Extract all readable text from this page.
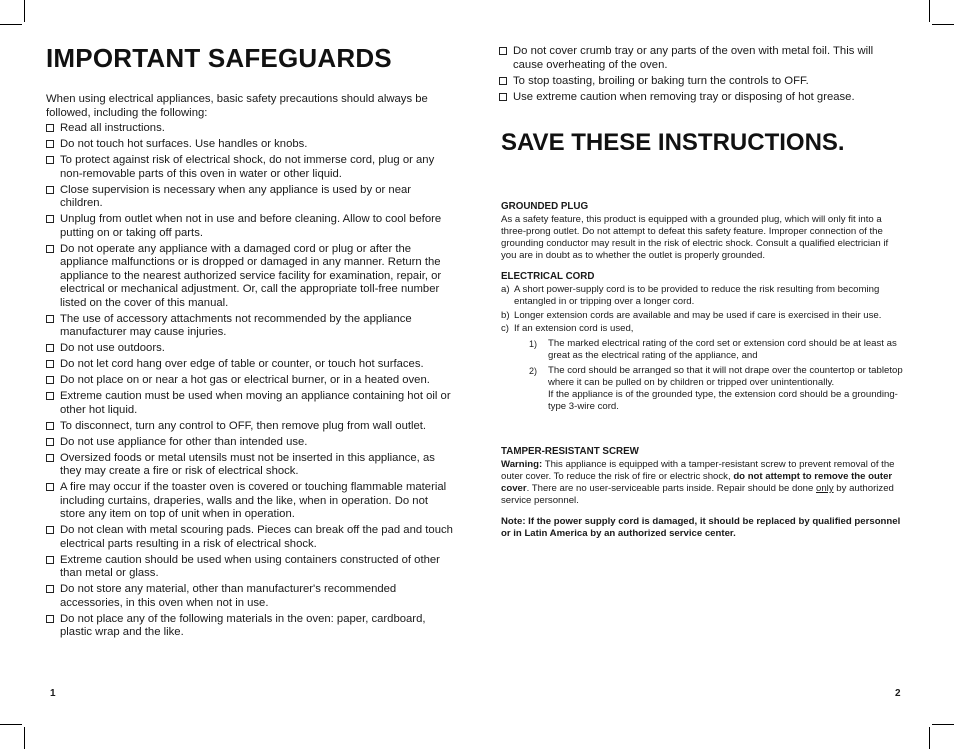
IMPORTANT SAFEGUARDS

When using electrical appliances, basic safety precautions should always be followed, including the following:

Read all instructions.
Do not touch hot surfaces. Use handles or knobs.
To protect against risk of electrical shock, do not immerse cord, plug or any non-removable parts of this oven in water or other liquid.
Close supervision is necessary when any appliance is used by or near children.
Unplug from outlet when not in use and before cleaning. Allow to cool before putting on or taking off parts.
Do not operate any appliance with a damaged cord or plug or after the appliance malfunctions or is dropped or damaged in any manner. Return the appliance to the nearest authorized service facility for examination, repair, or electrical or mechanical adjustment. Or, call the appropriate toll-free number listed on the cover of this manual.
The use of accessory attachments not recommended by the appliance manufacturer may cause injuries.
Do not use outdoors.
Do not let cord hang over edge of table or counter, or touch hot surfaces.
Do not place on or near a hot gas or electrical burner, or in a heated oven.
Extreme caution must be used when moving an appliance containing hot oil or other hot liquid.
To disconnect, turn any control to OFF, then remove plug from wall outlet.
Do not use appliance for other than intended use.
Oversized foods or metal utensils must not be inserted in this appliance, as they may create a fire or risk of electrical shock.
A fire may occur if the toaster oven is covered or touching flammable material including curtains, draperies, walls and the like, when in operation. Do not store any item on top of unit when in operation.
Do not clean with metal scouring pads. Pieces can break off the pad and touch electrical parts resulting in a risk of electrical shock.
Extreme caution should be used when using containers constructed of other than metal or glass.
Do not store any material, other than manufacturer's recommended accessories, in this oven when not in use.
Do not place any of the following materials in the oven: paper, cardboard, plastic wrap and the like.
1
Do not cover crumb tray or any parts of the oven with metal foil. This will cause overheating of the oven.
To stop toasting, broiling or baking turn the controls to OFF.
Use extreme caution when removing tray or disposing of hot grease.
SAVE THESE INSTRUCTIONS.
GROUNDED PLUG

As a safety feature, this product is equipped with a grounded plug, which will only fit into a three-prong outlet. Do not attempt to defeat this safety feature. Improper connection of the grounding conductor may result in the risk of electric shock. Consult a qualified electrician if you are in doubt as to whether the outlet is properly grounded.

ELECTRICAL CORD
a) A short power-supply cord is to be provided to reduce the risk resulting from becoming entangled in or tripping over a longer cord.
b) Longer extension cords are available and may be used if care is exercised in their use.
c) If an extension cord is used,
1) The marked electrical rating of the cord set or extension cord should be at least as great as the electrical rating of the appliance, and
2) The cord should be arranged so that it will not drape over the countertop or tabletop where it can be pulled on by children or tripped over unintentionally.
If the appliance is of the grounded type, the extension cord should be a grounding-type 3-wire cord.
TAMPER-RESISTANT SCREW

Warning: This appliance is equipped with a tamper-resistant screw to prevent removal of the outer cover. To reduce the risk of fire or electric shock, do not attempt to remove the outer cover. There are no user-serviceable parts inside. Repair should be done only by authorized service personnel.

Note: If the power supply cord is damaged, it should be replaced by qualified personnel or in Latin America by an authorized service center.

2
